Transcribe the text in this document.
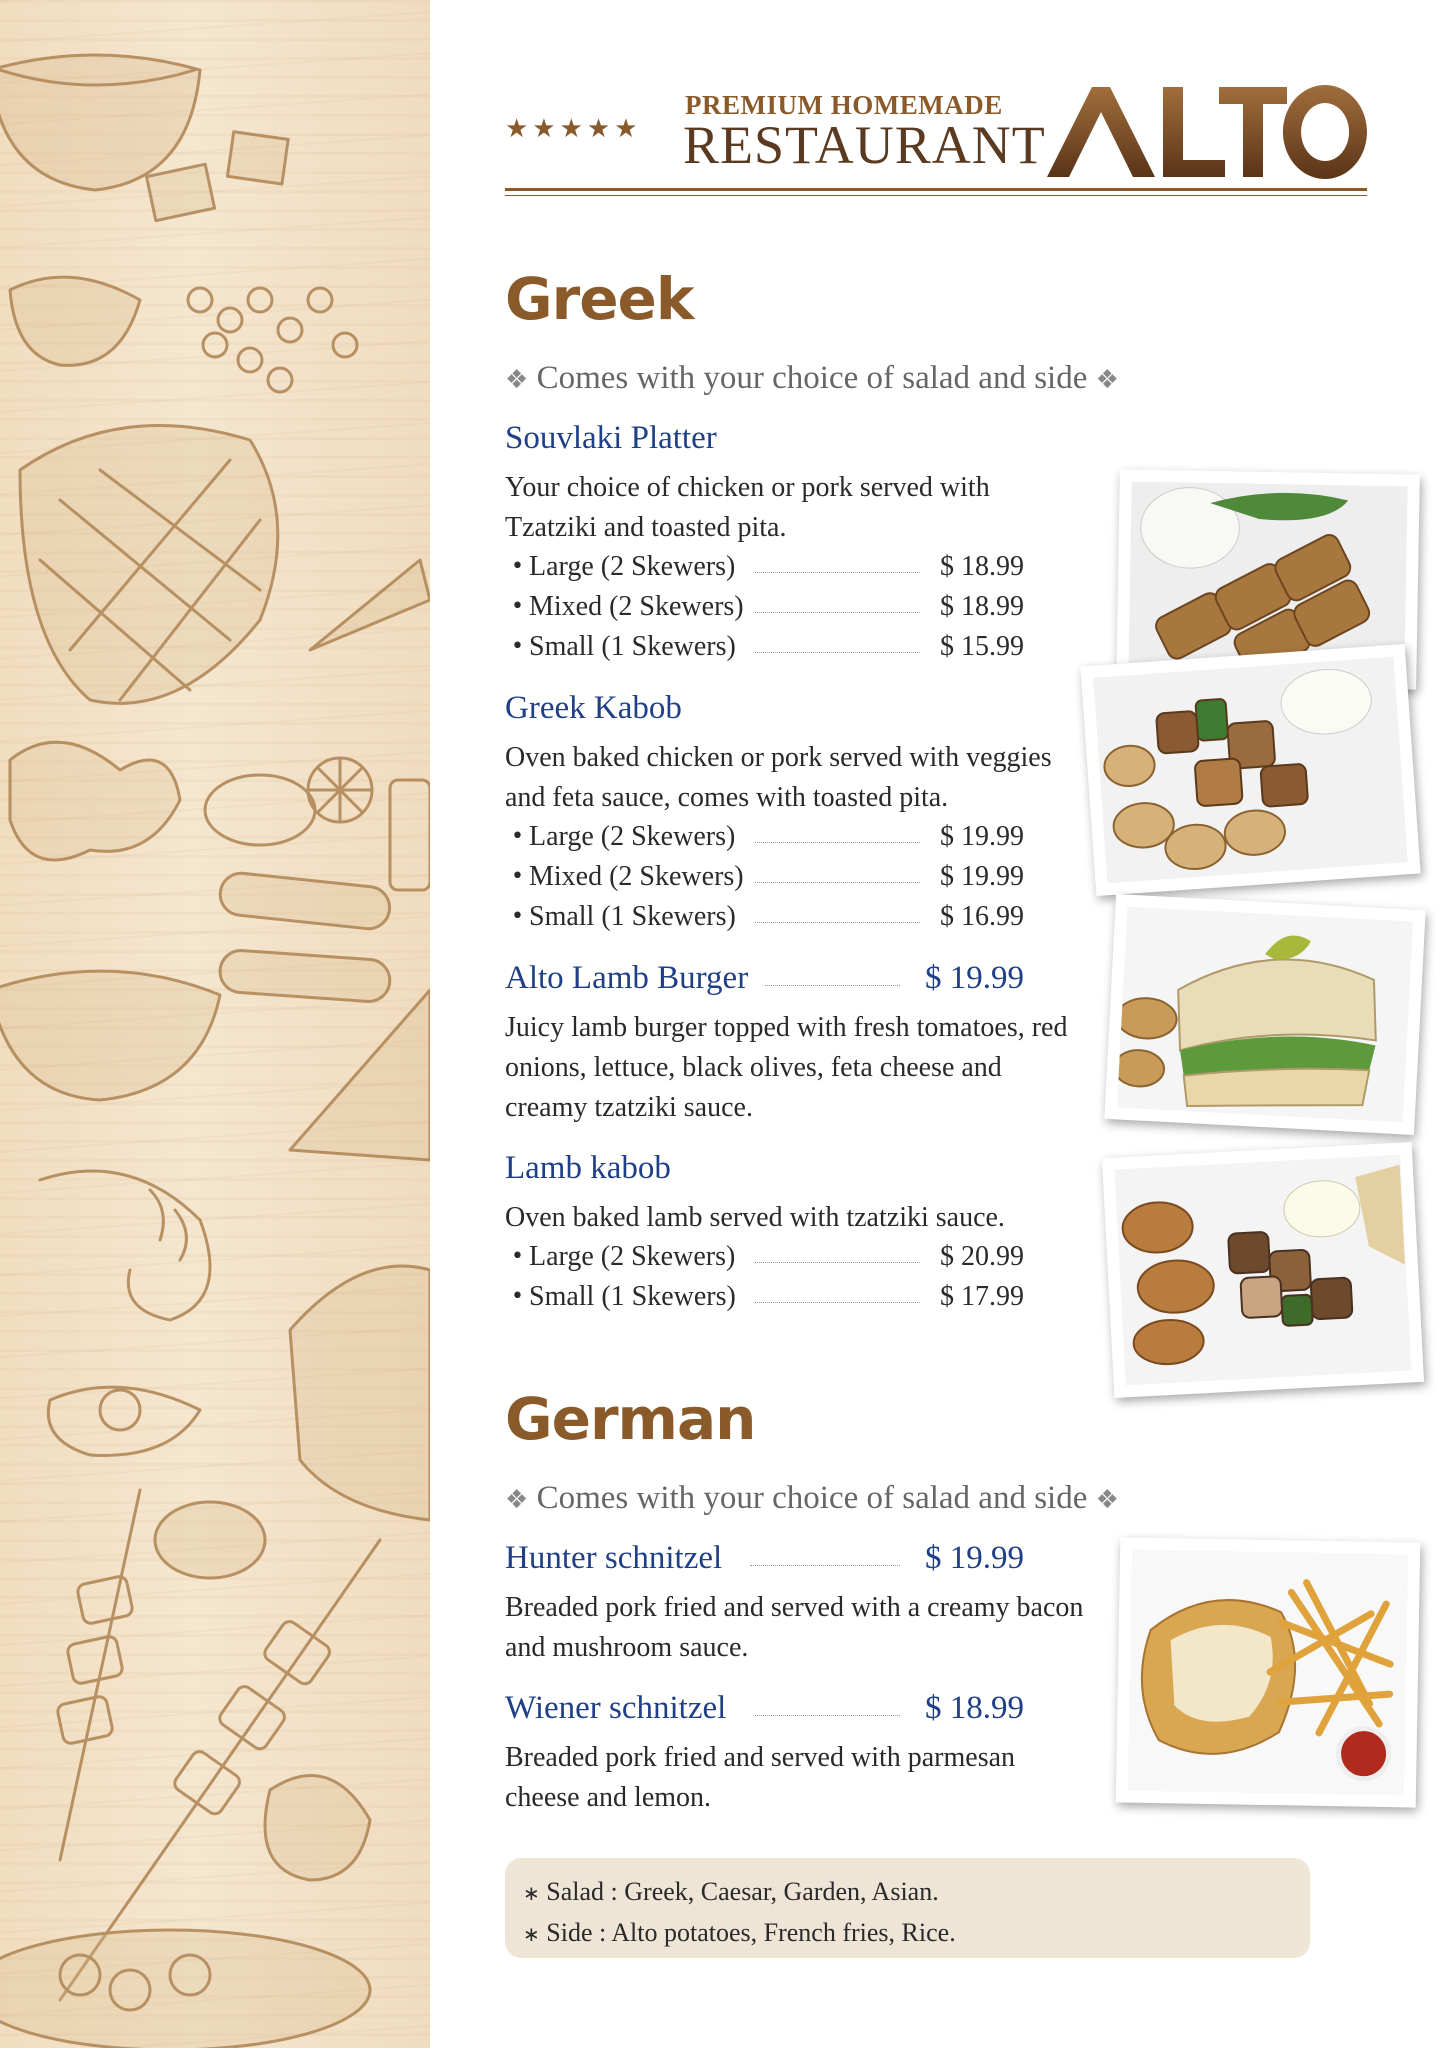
★★★★★
PREMIUM HOMEMADE
RESTAURANT
Greek
❖ Comes with your choice of salad and side ❖
Souvlaki Platter
Your choice of chicken or pork served with Tzatziki and toasted pita.
• Large (2 Skewers)	$ 18.99
• Mixed (2 Skewers)	$ 18.99
• Small (1 Skewers)	$ 15.99
Greek Kabob
Oven baked chicken or pork served with veggies and feta sauce, comes with toasted pita.
• Large (2 Skewers)	$ 19.99
• Mixed (2 Skewers)	$ 19.99
• Small (1 Skewers)	$ 16.99
Alto Lamb Burger	$ 19.99
Juicy lamb burger topped with fresh tomatoes, red onions, lettuce, black olives, feta cheese and creamy tzatziki sauce.
Lamb kabob
Oven baked lamb served with tzatziki sauce.
• Large (2 Skewers)	$ 20.99
• Small (1 Skewers)	$ 17.99
German
❖ Comes with your choice of salad and side ❖
Hunter schnitzel	$ 19.99
Breaded pork fried and served with a creamy bacon and mushroom sauce.
Wiener schnitzel	$ 18.99
Breaded pork fried and served with parmesan cheese and lemon.
∗ Salad : Greek, Caesar, Garden, Asian.
∗ Side : Alto potatoes, French fries, Rice.
